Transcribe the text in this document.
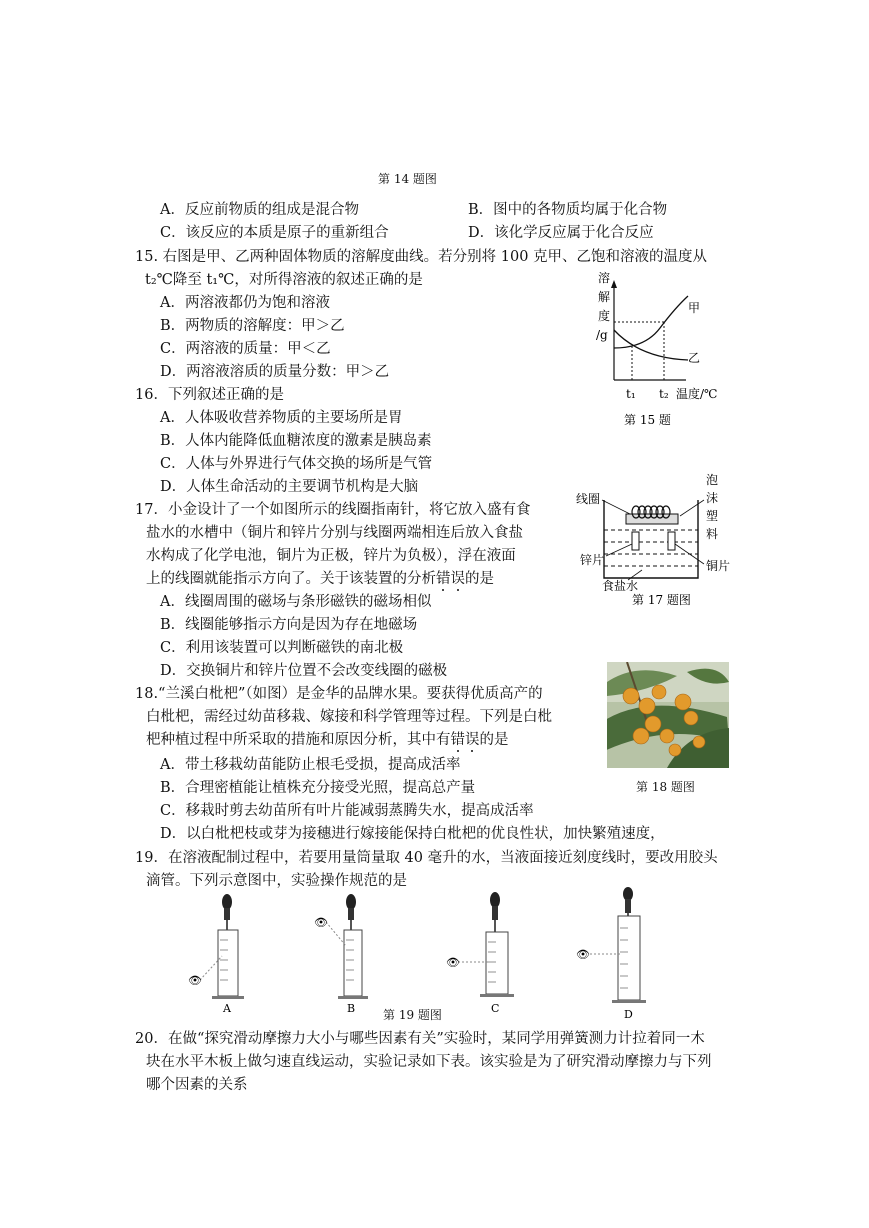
第 14 题图
A．反应前物质的组成是混合物	B．图中的各物质均属于化合物
C．该反应的本质是原子的重新组合	D．该化学反应属于化合反应
15. 右图是甲、乙两种固体物质的溶解度曲线。若分别将 100 克甲、乙饱和溶液的温度从
t₂℃降至 t₁℃，对所得溶液的叙述正确的是
A．两溶液都仍为饱和溶液
B．两物质的溶解度：甲＞乙
C．两溶液的质量：甲＜乙
D．两溶液溶质的质量分数：甲＞乙
溶
解
度
/g
甲
乙
t₁ t₂ 温度/℃
第 15 题
16．下列叙述正确的是
A．人体吸收营养物质的主要场所是胃
B．人体内能降低血糖浓度的激素是胰岛素
C．人体与外界进行气体交换的场所是气管
D．人体生命活动的主要调节机构是大脑
17．小金设计了一个如图所示的线圈指南针，将它放入盛有食
盐水的水槽中（铜片和锌片分别与线圈两端相连后放入食盐
水构成了化学电池，铜片为正极，锌片为负极），浮在液面
上的线圈就能指示方向了。关于该装置的分析错误的是
A．线圈周围的磁场与条形磁铁的磁场相似
B．线圈能够指示方向是因为存在地磁场
C．利用该装置可以判断磁铁的南北极
D．交换铜片和锌片位置不会改变线圈的磁极
线圈
泡
沫
塑
料
锌片	铜片
食盐水
第 17 题图
18.“兰溪白枇杷”（如图）是金华的品牌水果。要获得优质高产的
白枇杷，需经过幼苗移栽、嫁接和科学管理等过程。下列是白枇
杷种植过程中所采取的措施和原因分析，其中有错误的是
A．带土移栽幼苗能防止根毛受损，提高成活率
B．合理密植能让植株充分接受光照，提高总产量
C．移栽时剪去幼苗所有叶片能减弱蒸腾失水，提高成活率
D．以白枇杷枝或芽为接穗进行嫁接能保持白枇杷的优良性状，加快繁殖速度，
第 18 题图
19．在溶液配制过程中，若要用量筒量取 40 毫升的水，当液面接近刻度线时，要改用胶头
滴管。下列示意图中，实验操作规范的是
👁
A
👁
B
👁
C
👁
D
第 19 题图
20．在做“探究滑动摩擦力大小与哪些因素有关”实验时，某同学用弹簧测力计拉着同一木
块在水平木板上做匀速直线运动，实验记录如下表。该实验是为了研究滑动摩擦力与下列
哪个因素的关系
